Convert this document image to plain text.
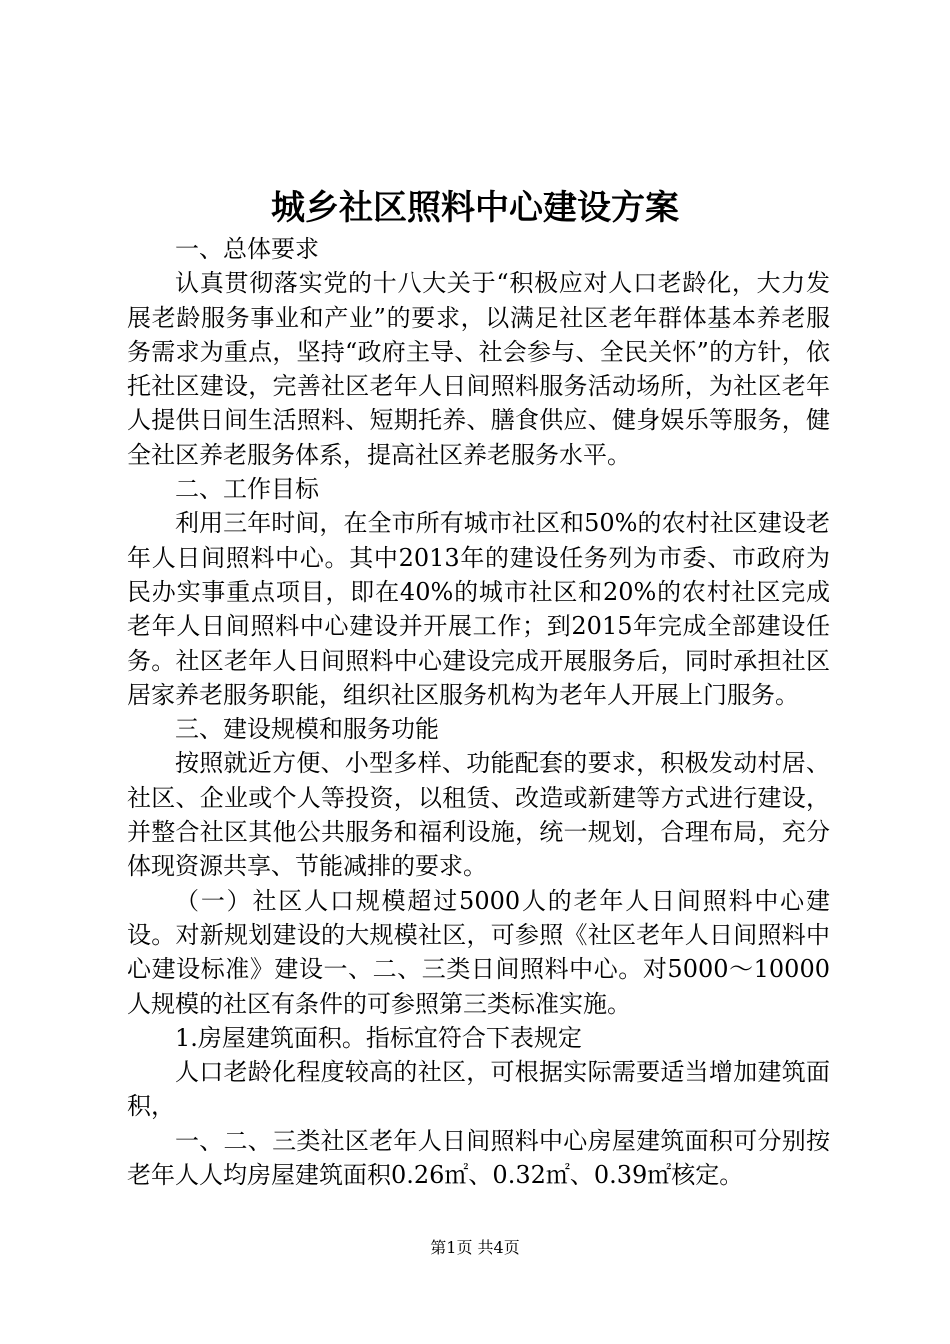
城乡社区照料中心建设方案

一、总体要求

认真贯彻落实党的十八大关于“积极应对人口老龄化，大力发展老龄服务事业和产业”的要求，以满足社区老年群体基本养老服务需求为重点，坚持“政府主导、社会参与、全民关怀”的方针，依托社区建设，完善社区老年人日间照料服务活动场所，为社区老年人提供日间生活照料、短期托养、膳食供应、健身娱乐等服务，健全社区养老服务体系，提高社区养老服务水平。

二、工作目标

利用三年时间，在全市所有城市社区和50%的农村社区建设老年人日间照料中心。其中2013年的建设任务列为市委、市政府为民办实事重点项目，即在40%的城市社区和20%的农村社区完成老年人日间照料中心建设并开展工作；到2015年完成全部建设任务。社区老年人日间照料中心建设完成开展服务后，同时承担社区居家养老服务职能，组织社区服务机构为老年人开展上门服务。

三、建设规模和服务功能

按照就近方便、小型多样、功能配套的要求，积极发动村居、社区、企业或个人等投资，以租赁、改造或新建等方式进行建设，并整合社区其他公共服务和福利设施，统一规划，合理布局，充分体现资源共享、节能减排的要求。

（一）社区人口规模超过5000人的老年人日间照料中心建设。对新规划建设的大规模社区，可参照《社区老年人日间照料中心建设标准》建设一、二、三类日间照料中心。对5000～10000人规模的社区有条件的可参照第三类标准实施。

1.房屋建筑面积。指标宜符合下表规定

人口老龄化程度较高的社区，可根据实际需要适当增加建筑面积，

一、二、三类社区老年人日间照料中心房屋建筑面积可分别按老年人人均房屋建筑面积0.26㎡、0.32㎡、0.39㎡核定。

第1页 共4页
